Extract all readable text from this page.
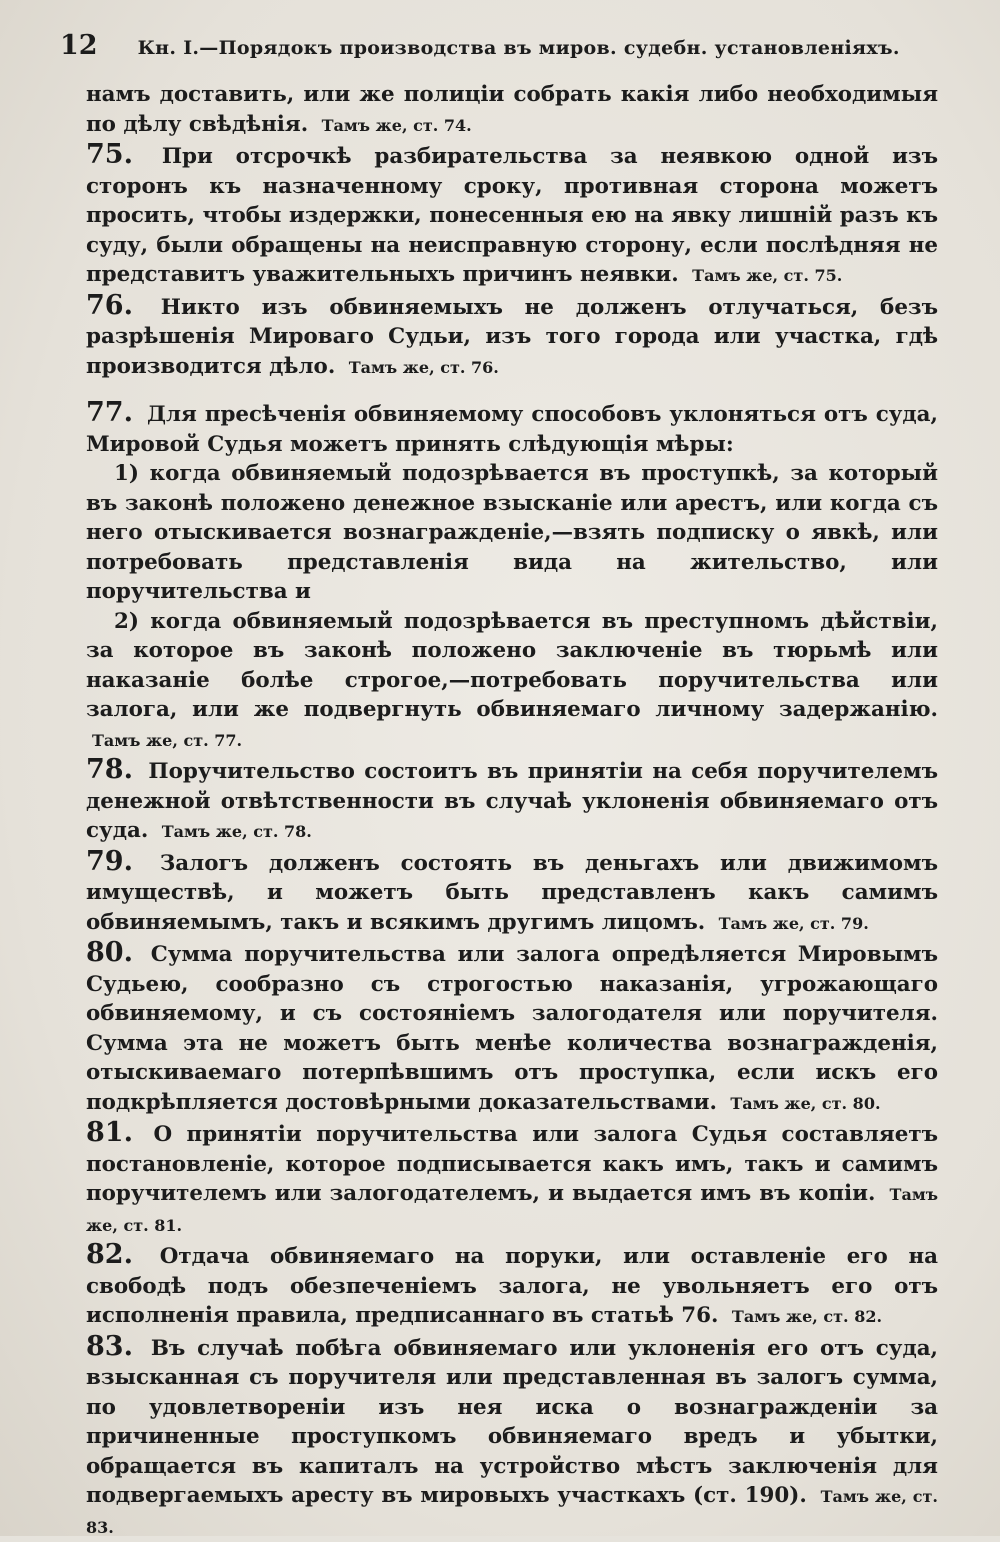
12 Кн. I.—Порядокъ производства въ миров. судебн. установленіяхъ.

намъ доставить, или же полиціи собрать какія либо необходимыя по дѣлу свѣдѣнія. Тамъ же, ст. 74.

75. При отсрочкѣ разбирательства за неявкою одной изъ сторонъ къ назначенному сроку, противная сторона можетъ просить, чтобы издержки, понесенныя ею на явку лишній разъ къ суду, были обращены на неисправную сторону, если послѣдняя не представитъ уважительныхъ причинъ неявки. Тамъ же, ст. 75.

76. Никто изъ обвиняемыхъ не долженъ отлучаться, безъ разрѣшенія Мироваго Судьи, изъ того города или участка, гдѣ производится дѣло. Тамъ же, ст. 76.

77. Для пресѣченія обвиняемому способовъ уклоняться отъ суда, Мировой Судья можетъ принять слѣдующія мѣры:

1) когда обвиняемый подозрѣвается въ проступкѣ, за который въ законѣ положено денежное взысканіе или арестъ, или когда съ него отыскивается вознагражденіе,—взять подписку о явкѣ, или потребовать представленія вида на жительство, или поручительства и

2) когда обвиняемый подозрѣвается въ преступномъ дѣйствіи, за которое въ законѣ положено заключеніе въ тюрьмѣ или наказаніе болѣе строгое,—потребовать поручительства или залога, или же подвергнуть обвиняемаго личному задержанію. Тамъ же, ст. 77.

78. Поручительство состоитъ въ принятіи на себя поручителемъ денежной отвѣтственности въ случаѣ уклоненія обвиняемаго отъ суда. Тамъ же, ст. 78.

79. Залогъ долженъ состоять въ деньгахъ или движимомъ имуществѣ, и можетъ быть представленъ какъ самимъ обвиняемымъ, такъ и всякимъ другимъ лицомъ. Тамъ же, ст. 79.

80. Сумма поручительства или залога опредѣляется Мировымъ Судьею, сообразно съ строгостью наказанія, угрожающаго обвиняемому, и съ состояніемъ залогодателя или поручителя. Сумма эта не можетъ быть менѣе количества вознагражденія, отыскиваемаго потерпѣвшимъ отъ проступка, если искъ его подкрѣпляется достовѣрными доказательствами. Тамъ же, ст. 80.

81. О принятіи поручительства или залога Судья составляетъ постановленіе, которое подписывается какъ имъ, такъ и самимъ поручителемъ или залогодателемъ, и выдается имъ въ копіи. Тамъ же, ст. 81.

82. Отдача обвиняемаго на поруки, или оставленіе его на свободѣ подъ обезпеченіемъ залога, не увольняетъ его отъ исполненія правила, предписаннаго въ статьѣ 76. Тамъ же, ст. 82.

83. Въ случаѣ побѣга обвиняемаго или уклоненія его отъ суда, взысканная съ поручителя или представленная въ залогъ сумма, по удовлетвореніи изъ нея иска о вознагражденіи за причиненные проступкомъ обвиняемаго вредъ и убытки, обращается въ капиталъ на устройство мѣстъ заключенія для подвергаемыхъ аресту въ мировыхъ участкахъ (ст. 190). Тамъ же, ст. 83.
